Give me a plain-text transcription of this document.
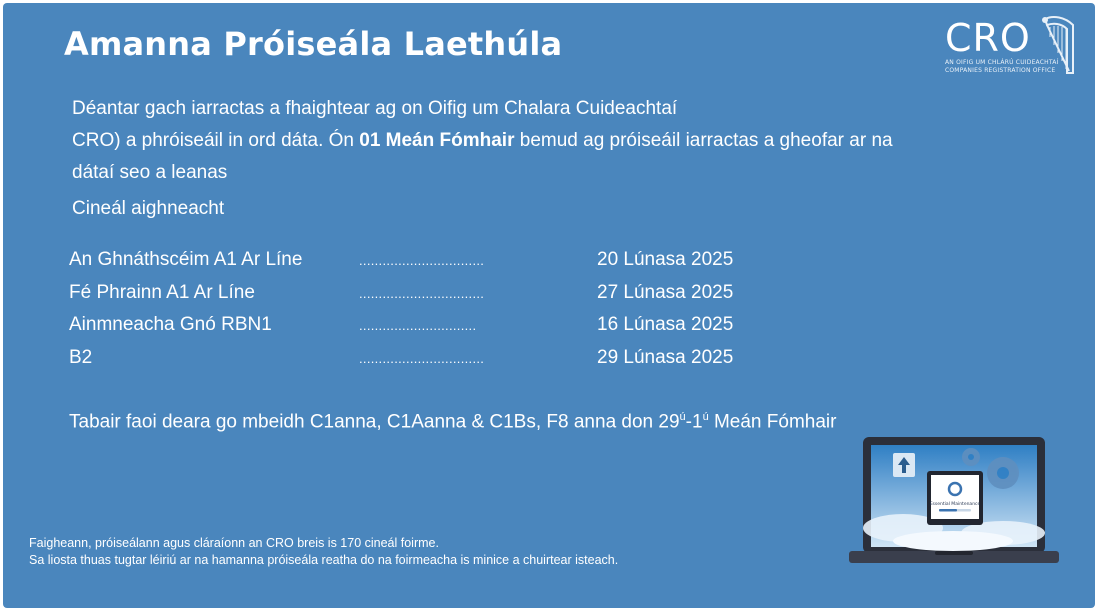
Amanna Próiseála Laethúla	CRO
AN OIFIG UM CHLÁRÚ CUIDEACHTAÍ
COMPANIES REGISTRATION OFFICE
Déantar gach iarractas a fhaightear ag on Oifig um Chalara Cuideachtaí
CRO) a phróiseáil in ord dáta. Ón 01 Meán Fómhair bemud ag próiseáil iarractas a gheofar ar na
dátaí seo a leanas
Cineál aighneacht
An Ghnáthscéim A1 Ar Líne	................................	20 Lúnasa 2025
Fé Phrainn A1 Ar Líne	................................	27 Lúnasa 2025
Ainmneacha Gnó RBN1	..............................	16 Lúnasa 2025
B2	................................	29 Lúnasa 2025
Tabair faoi deara go mbeidh C1anna, C1Aanna & C1Bs, F8 anna don $29^ú-1^ú$ Meán Fómhair
Faigheann, próiseálann agus cláraíonn an CRO breis is 170 cineál foirme.
Sa liosta thuas tugtar léiriú ar na hamanna próiseála reatha do na foirmeacha is minice a chuirtear isteach.
Essential Maintenance
